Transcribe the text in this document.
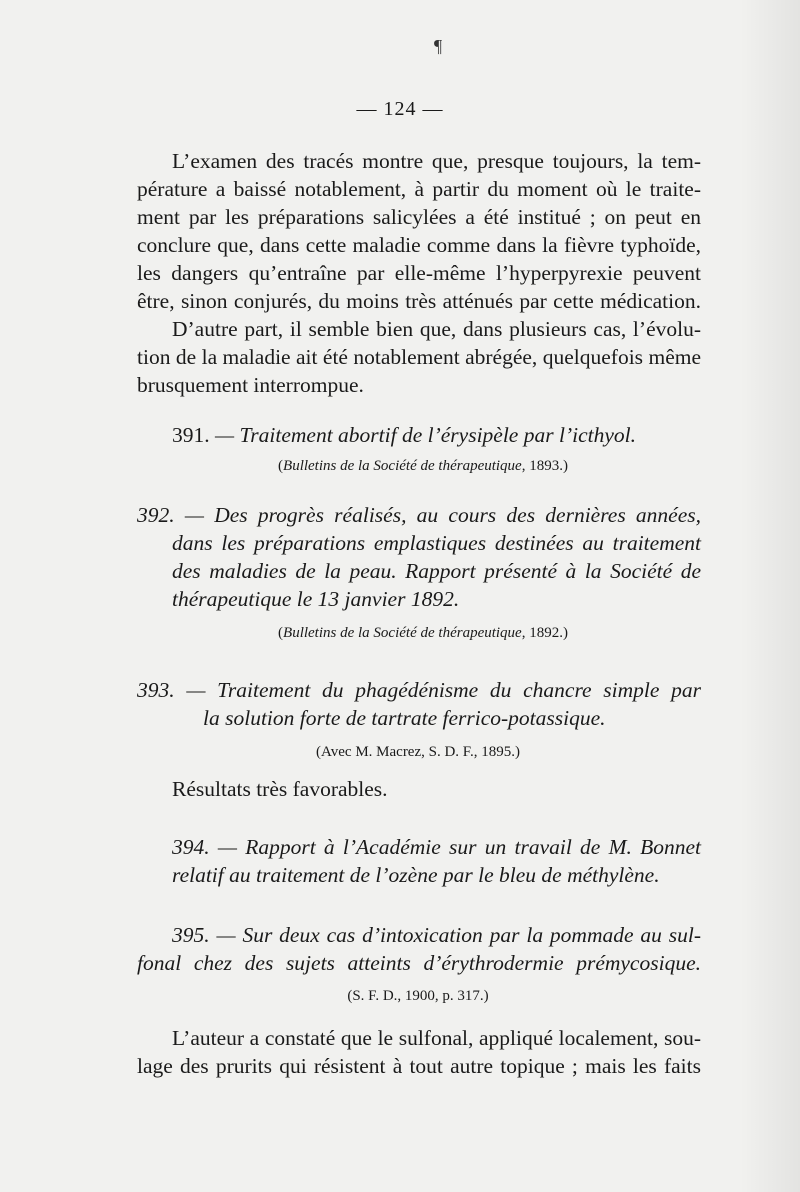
¶
— 124 —
L’examen des tracés montre que, presque toujours, la tem-
pérature a baissé notablement, à partir du moment où le traite-
ment par les préparations salicylées a été institué ; on peut en
conclure que, dans cette maladie comme dans la fièvre typhoïde,
les dangers qu’entraîne par elle-même l’hyperpyrexie peuvent
être, sinon conjurés, du moins très atténués par cette médication.
D’autre part, il semble bien que, dans plusieurs cas, l’évolu-
tion de la maladie ait été notablement abrégée, quelquefois même
brusquement interrompue.
391. — Traitement abortif de l’érysipèle par l’icthyol.
(Bulletins de la Société de thérapeutique, 1893.)
392. — Des progrès réalisés, au cours des dernières années,
dans les préparations emplastiques destinées au traitement
des maladies de la peau. Rapport présenté à la Société de
thérapeutique le 13 janvier 1892.
(Bulletins de la Société de thérapeutique, 1892.)
393. — Traitement du phagédénisme du chancre simple par
la solution forte de tartrate ferrico-potassique.
(Avec M. Macrez, S. D. F., 1895.)
Résultats très favorables.
394. — Rapport à l’Académie sur un travail de M. Bonnet
relatif au traitement de l’ozène par le bleu de méthylène.
395. — Sur deux cas d’intoxication par la pommade au sul-
fonal chez des sujets atteints d’érythrodermie prémycosique.
(S. F. D., 1900, p. 317.)
L’auteur a constaté que le sulfonal, appliqué localement, sou-
lage des prurits qui résistent à tout autre topique ; mais les faits
